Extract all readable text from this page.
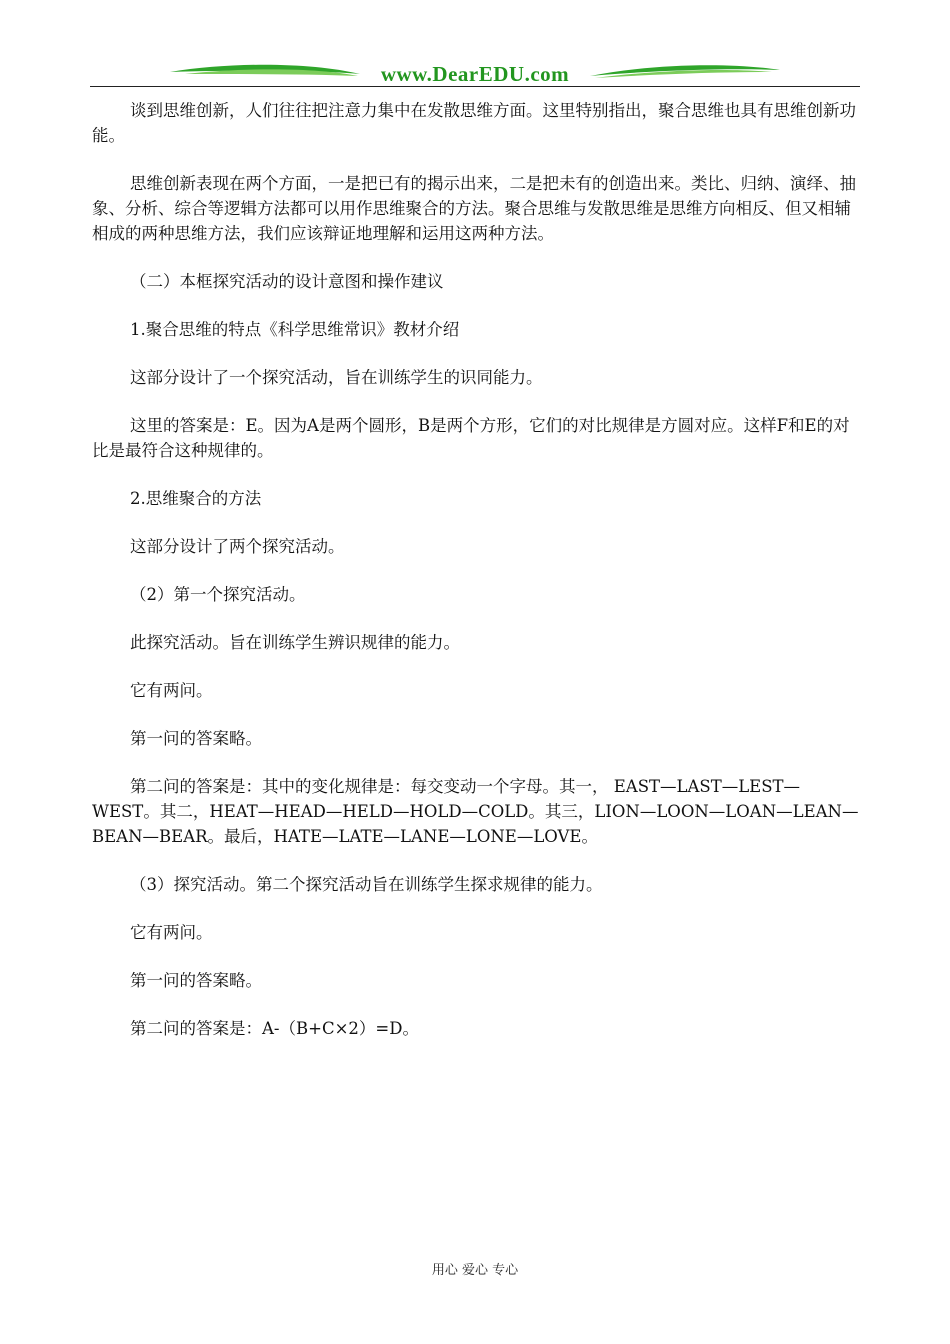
www.DearEDU.com

谈到思维创新，人们往往把注意力集中在发散思维方面。这里特别指出，聚合思维也具有思维创新功能。

思维创新表现在两个方面，一是把已有的揭示出来，二是把未有的创造出来。类比、归纳、演绎、抽象、分析、综合等逻辑方法都可以用作思维聚合的方法。聚合思维与发散思维是思维方向相反、但又相辅相成的两种思维方法，我们应该辩证地理解和运用这两种方法。

（二）本框探究活动的设计意图和操作建议

1.聚合思维的特点《科学思维常识》教材介绍

这部分设计了一个探究活动，旨在训练学生的识同能力。

这里的答案是：E。因为A是两个圆形，B是两个方形，它们的对比规律是方圆对应。这样F和E的对比是最符合这种规律的。

2.思维聚合的方法

这部分设计了两个探究活动。

（2）第一个探究活动。

此探究活动。旨在训练学生辨识规律的能力。

它有两问。

第一问的答案略。

第二问的答案是：其中的变化规律是：每交变动一个字母。其一， EAST—LAST—LEST—WEST。其二，HEAT—HEAD—HELD—HOLD—COLD。其三，LION—LOON—LOAN—LEAN—BEAN—BEAR。最后，HATE—LATE—LANE—LONE—LOVE。

（3）探究活动。第二个探究活动旨在训练学生探求规律的能力。

它有两问。

第一问的答案略。

第二问的答案是：A-（B+C×2）=D。

用心 爱心 专心
